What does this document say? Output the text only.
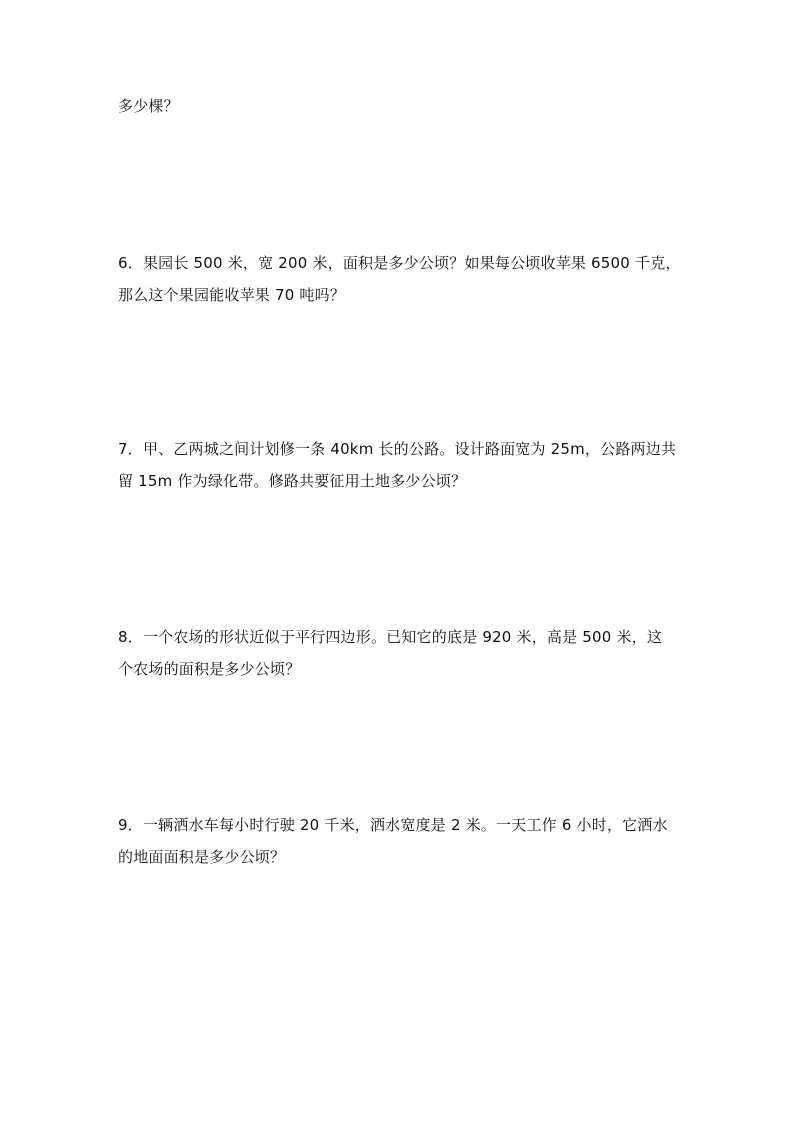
多少棵？
6．果园长 500 米，宽 200 米，面积是多少公顷？如果每公顷收苹果 6500 千克，
那么这个果园能收苹果 70 吨吗？
7．甲、乙两城之间计划修一条 40km 长的公路。设计路面宽为 25m，公路两边共
留 15m 作为绿化带。修路共要征用土地多少公顷？
8．一个农场的形状近似于平行四边形。已知它的底是 920 米，高是 500 米，这
个农场的面积是多少公顷？
9．一辆洒水车每小时行驶 20 千米，洒水宽度是 2 米。一天工作 6 小时，它洒水
的地面面积是多少公顷？
